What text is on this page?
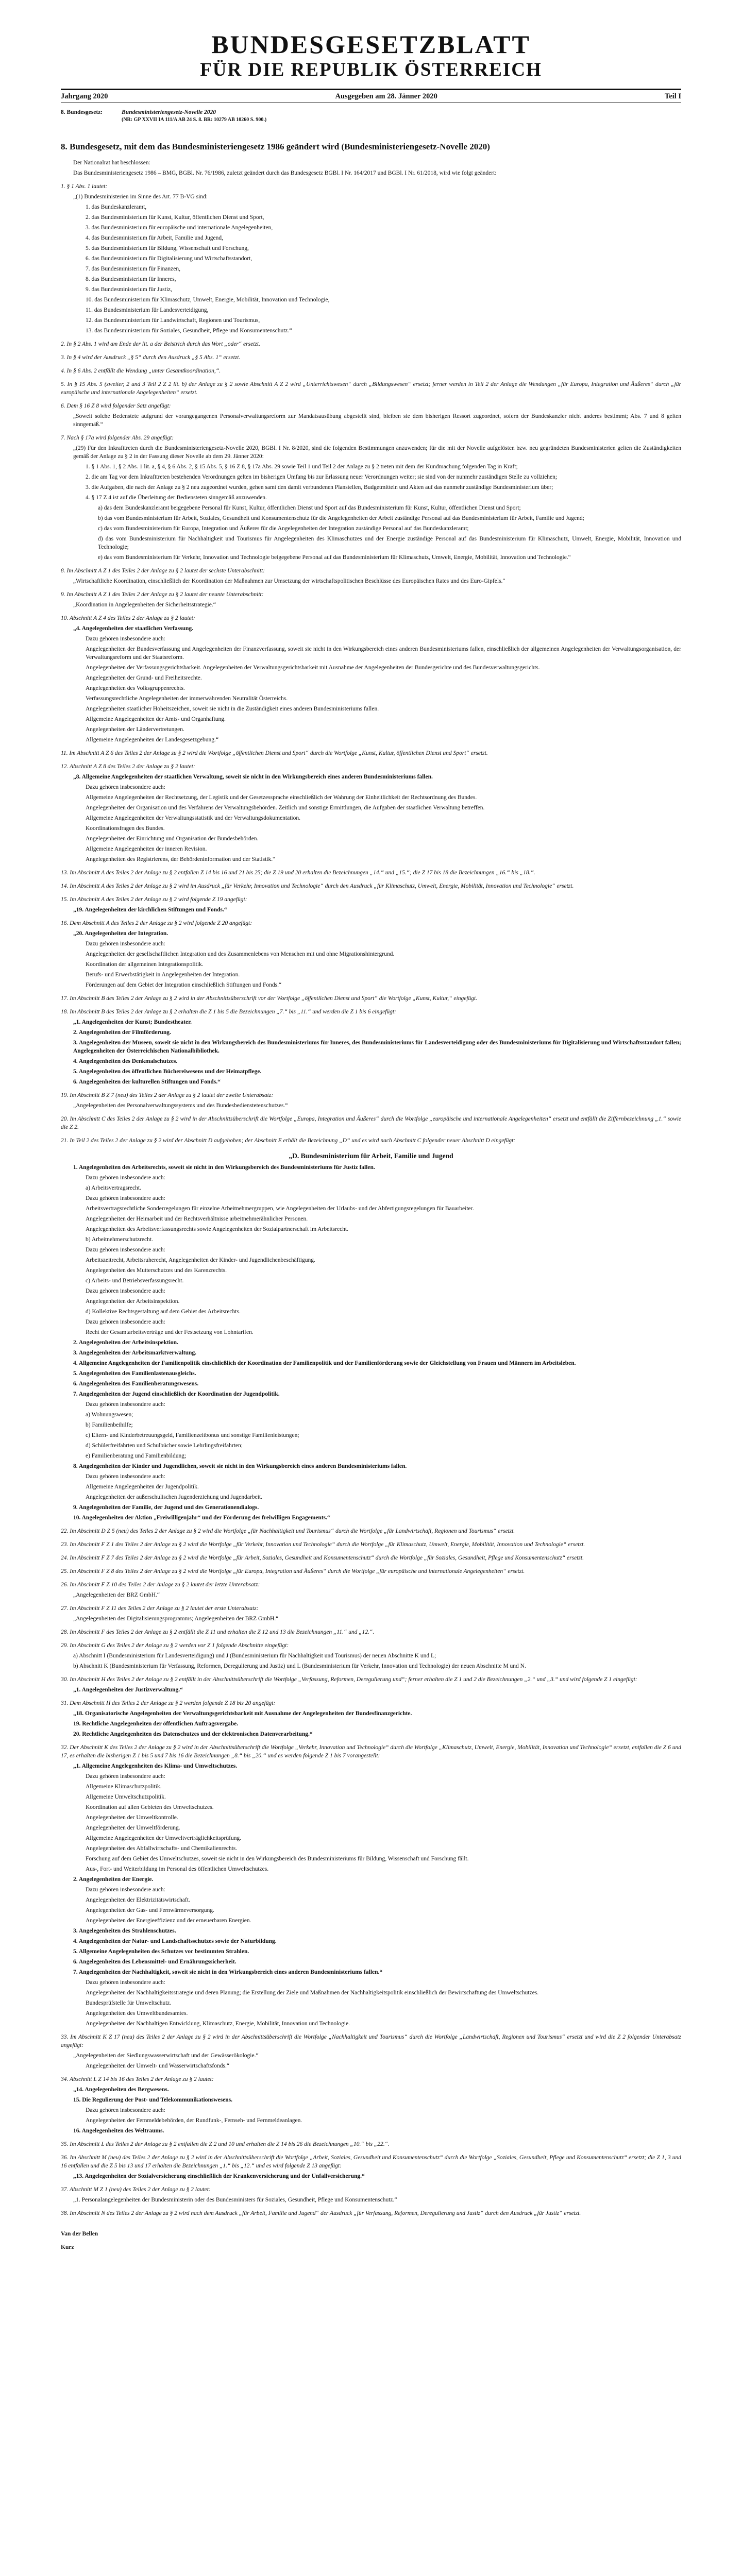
BUNDESGESETZBLATT
FÜR DIE REPUBLIK ÖSTERREICH
Jahrgang 2020	Ausgegeben am 28. Jänner 2020	Teil I
8. Bundesgesetz:	Bundesministeriengesetz-Novelle 2020
(NR: GP XXVII IA 111/A AB 24 S. 8. BR: 10279 AB 10260 S. 900.)
8. Bundesgesetz, mit dem das Bundesministeriengesetz 1986 geändert wird (Bundesministeriengesetz-Novelle 2020)

Der Nationalrat hat beschlossen:

Das Bundesministeriengesetz 1986 – BMG, BGBl. Nr. 76/1986, zuletzt geändert durch das Bundesgesetz BGBl. I Nr. 164/2017 und BGBl. I Nr. 61/2018, wird wie folgt geändert:

1. § 1 Abs. 1 lautet:

„(1) Bundesministerien im Sinne des Art. 77 B-VG sind:

1. das Bundeskanzleramt,

2. das Bundesministerium für Kunst, Kultur, öffentlichen Dienst und Sport,

3. das Bundesministerium für europäische und internationale Angelegenheiten,

4. das Bundesministerium für Arbeit, Familie und Jugend,

5. das Bundesministerium für Bildung, Wissenschaft und Forschung,

6. das Bundesministerium für Digitalisierung und Wirtschaftsstandort,

7. das Bundesministerium für Finanzen,

8. das Bundesministerium für Inneres,

9. das Bundesministerium für Justiz,

10. das Bundesministerium für Klimaschutz, Umwelt, Energie, Mobilität, Innovation und Technologie,

11. das Bundesministerium für Landesverteidigung,

12. das Bundesministerium für Landwirtschaft, Regionen und Tourismus,

13. das Bundesministerium für Soziales, Gesundheit, Pflege und Konsumentenschutz.“

2. In § 2 Abs. 1 wird am Ende der lit. a der Beistrich durch das Wort „oder“ ersetzt.

3. In § 4 wird der Ausdruck „§ 5“ durch den Ausdruck „§ 5 Abs. 1“ ersetzt.

4. In § 6 Abs. 2 entfällt die Wendung „unter Gesamtkoordination,“.

5. In § 15 Abs. 5 (zweiter, 2 und 3 Teil 2 Z 2 lit. b) der Anlage zu § 2 sowie Abschnitt A Z 2 wird „Unterrichtswesen“ durch „Bildungswesen“ ersetzt; ferner werden in Teil 2 der Anlage die Wendungen „für Europa, Integration und Äußeres“ durch „für europäische und internationale Angelegenheiten“ ersetzt.

6. Dem § 16 Z 8 wird folgender Satz angefügt:

„Soweit solche Bedenstete aufgrund der vorangegangenen Personalverwaltungsreform zur Mandatsausübung abgestellt sind, bleiben sie dem bisherigen Ressort zugeordnet, sofern der Bundeskanzler nicht anderes bestimmt; Abs. 7 und 8 gelten sinngemäß.“

7. Nach § 17a wird folgender Abs. 29 angefügt:

„(29) Für den Inkrafttreten durch die Bundesministeriengesetz-Novelle 2020, BGBl. I Nr. 8/2020, sind die folgenden Bestimmungen anzuwenden; für die mit der Novelle aufgelösten bzw. neu gegründeten Bundesministerien gelten die Zuständigkeiten gemäß der Anlage zu § 2 in der Fassung dieser Novelle ab dem 29. Jänner 2020:

1. § 1 Abs. 1, § 2 Abs. 1 lit. a, § 4, § 6 Abs. 2, § 15 Abs. 5, § 16 Z 8, § 17a Abs. 29 sowie Teil 1 und Teil 2 der Anlage zu § 2 treten mit dem der Kundmachung folgenden Tag in Kraft;

2. die am Tag vor dem Inkrafttreten bestehenden Verordnungen gelten im bisherigen Umfang bis zur Erlassung neuer Verordnungen weiter; sie sind von der nunmehr zuständigen Stelle zu vollziehen;

3. die Aufgaben, die nach der Anlage zu § 2 neu zugeordnet wurden, gehen samt den damit verbundenen Planstellen, Budgetmitteln und Akten auf das nunmehr zuständige Bundesministerium über;

4. § 17 Z 4 ist auf die Überleitung der Bediensteten sinngemäß anzuwenden.

a) das dem Bundeskanzleramt beigegebene Personal für Kunst, Kultur, öffentlichen Dienst und Sport auf das Bundesministerium für Kunst, Kultur, öffentlichen Dienst und Sport;

b) das vom Bundesministerium für Arbeit, Soziales, Gesundheit und Konsumentenschutz für die Angelegenheiten der Arbeit zuständige Personal auf das Bundesministerium für Arbeit, Familie und Jugend;

c) das vom Bundesministerium für Europa, Integration und Äußeres für die Angelegenheiten der Integration zuständige Personal auf das Bundeskanzleramt;

d) das vom Bundesministerium für Nachhaltigkeit und Tourismus für Angelegenheiten des Klimaschutzes und der Energie zuständige Personal auf das Bundesministerium für Klimaschutz, Umwelt, Energie, Mobilität, Innovation und Technologie;

e) das vom Bundesministerium für Verkehr, Innovation und Technologie beigegebene Personal auf das Bundesministerium für Klimaschutz, Umwelt, Energie, Mobilität, Innovation und Technologie.“

8. Im Abschnitt A Z 1 des Teiles 2 der Anlage zu § 2 lautet der sechste Unterabschnitt:

„Wirtschaftliche Koordination, einschließlich der Koordination der Maßnahmen zur Umsetzung der wirtschaftspolitischen Beschlüsse des Europäischen Rates und des Euro-Gipfels.“

9. Im Abschnitt A Z 1 des Teiles 2 der Anlage zu § 2 lautet der neunte Unterabschnitt:

„Koordination in Angelegenheiten der Sicherheitsstrategie.“

10. Abschnitt A Z 4 des Teiles 2 der Anlage zu § 2 lautet:

„4. Angelegenheiten der staatlichen Verfassung.

Dazu gehören insbesondere auch:

Angelegenheiten der Bundesverfassung und Angelegenheiten der Finanzverfassung, soweit sie nicht in den Wirkungsbereich eines anderen Bundesministeriums fallen, einschließlich der allgemeinen Angelegenheiten der Verwaltungsorganisation, der Verwaltungsreform und der Staatsreform.

Angelegenheiten der Verfassungsgerichtsbarkeit. Angelegenheiten der Verwaltungsgerichtsbarkeit mit Ausnahme der Angelegenheiten der Bundesgerichte und des Bundesverwaltungsgerichts.

Angelegenheiten der Grund- und Freiheitsrechte.

Angelegenheiten des Volksgruppenrechts.

Verfassungsrechtliche Angelegenheiten der immerwährenden Neutralität Österreichs.

Angelegenheiten staatlicher Hoheitszeichen, soweit sie nicht in die Zuständigkeit eines anderen Bundesministeriums fallen.

Allgemeine Angelegenheiten der Amts- und Organhaftung.

Angelegenheiten der Ländervertretungen.

Allgemeine Angelegenheiten der Landesgesetzgebung.“

11. Im Abschnitt A Z 6 des Teiles 2 der Anlage zu § 2 wird die Wortfolge „öffentlichen Dienst und Sport“ durch die Wortfolge „Kunst, Kultur, öffentlichen Dienst und Sport“ ersetzt.

12. Abschnitt A Z 8 des Teiles 2 der Anlage zu § 2 lautet:

„8. Allgemeine Angelegenheiten der staatlichen Verwaltung, soweit sie nicht in den Wirkungsbereich eines anderen Bundesministeriums fallen.

Dazu gehören insbesondere auch:

Allgemeine Angelegenheiten der Rechtsetzung, der Legistik und der Gesetzessprache einschließlich der Wahrung der Einheitlichkeit der Rechtsordnung des Bundes.

Angelegenheiten der Organisation und des Verfahrens der Verwaltungsbehörden. Zeitlich und sonstige Ermittlungen, die Aufgaben der staatlichen Verwaltung betreffen.

Allgemeine Angelegenheiten der Verwaltungsstatistik und der Verwaltungsdokumentation.

Koordinationsfragen des Bundes.

Angelegenheiten der Einrichtung und Organisation der Bundesbehörden.

Allgemeine Angelegenheiten der inneren Revision.

Angelegenheiten des Registrierens, der Behördeninformation und der Statistik.“

13. Im Abschnitt A des Teiles 2 der Anlage zu § 2 entfallen Z 14 bis 16 und 21 bis 25; die Z 19 und 20 erhalten die Bezeichnungen „14.“ und „15.“; die Z 17 bis 18 die Bezeichnungen „16.“ bis „18.“.

14. Im Abschnitt A des Teiles 2 der Anlage zu § 2 wird im Ausdruck „für Verkehr, Innovation und Technologie“ durch den Ausdruck „für Klimaschutz, Umwelt, Energie, Mobilität, Innovation und Technologie“ ersetzt.

15. Im Abschnitt A des Teiles 2 der Anlage zu § 2 wird folgende Z 19 angefügt:

„19. Angelegenheiten der kirchlichen Stiftungen und Fonds.“

16. Dem Abschnitt A des Teiles 2 der Anlage zu § 2 wird folgende Z 20 angefügt:

„20. Angelegenheiten der Integration.

Dazu gehören insbesondere auch:

Angelegenheiten der gesellschaftlichen Integration und des Zusammenlebens von Menschen mit und ohne Migrationshintergrund.

Koordination der allgemeinen Integrationspolitik.

Berufs- und Erwerbstätigkeit in Angelegenheiten der Integration.

Förderungen auf dem Gebiet der Integration einschließlich Stiftungen und Fonds.“

17. Im Abschnitt B des Teiles 2 der Anlage zu § 2 wird in der Abschnittsüberschrift vor der Wortfolge „öffentlichen Dienst und Sport“ die Wortfolge „Kunst, Kultur,“ eingefügt.

18. Im Abschnitt B des Teiles 2 der Anlage zu § 2 erhalten die Z 1 bis 5 die Bezeichnungen „7.“ bis „11.“ und werden die Z 1 bis 6 eingefügt:

„1. Angelegenheiten der Kunst; Bundestheater.

2. Angelegenheiten der Filmförderung.

3. Angelegenheiten der Museen, soweit sie nicht in den Wirkungsbereich des Bundesministeriums für Inneres, des Bundesministeriums für Landesverteidigung oder des Bundesministeriums für Digitalisierung und Wirtschaftsstandort fallen; Angelegenheiten der Österreichischen Nationalbibliothek.

4. Angelegenheiten des Denkmalschutzes.

5. Angelegenheiten des öffentlichen Büchereiwesens und der Heimatpflege.

6. Angelegenheiten der kulturellen Stiftungen und Fonds.“

19. Im Abschnitt B Z 7 (neu) des Teiles 2 der Anlage zu § 2 lautet der zweite Unterabsatz:

„Angelegenheiten des Personalverwaltungssystems und des Bundesbedienstetenschutzes.“

20. Im Abschnitt C des Teiles 2 der Anlage zu § 2 wird in der Abschnittsüberschrift die Wortfolge „Europa, Integration und Äußeres“ durch die Wortfolge „europäische und internationale Angelegenheiten“ ersetzt und entfällt die Ziffernbezeichnung „1.“ sowie die Z 2.

21. In Teil 2 des Teiles 2 der Anlage zu § 2 wird der Abschnitt D aufgehoben; der Abschnitt E erhält die Bezeichnung „D“ und es wird nach Abschnitt C folgender neuer Abschnitt D eingefügt:

„D. Bundesministerium für Arbeit, Familie und Jugend

1. Angelegenheiten des Arbeitsrechts, soweit sie nicht in den Wirkungsbereich des Bundesministeriums für Justiz fallen.

Dazu gehören insbesondere auch:

a) Arbeitsvertragsrecht.

Dazu gehören insbesondere auch:

Arbeitsvertragsrechtliche Sonderregelungen für einzelne Arbeitnehmergruppen, wie Angelegenheiten der Urlaubs- und der Abfertigungsregelungen für Bauarbeiter.

Angelegenheiten der Heimarbeit und der Rechtsverhältnisse arbeitnehmerähnlicher Personen.

Angelegenheiten des Arbeitsverfassungsrechts sowie Angelegenheiten der Sozialpartnerschaft im Arbeitsrecht.

b) Arbeitnehmerschutzrecht.

Dazu gehören insbesondere auch:

Arbeitszeitrecht, Arbeitsruherecht, Angelegenheiten der Kinder- und Jugendlichenbeschäftigung.

Angelegenheiten des Mutterschutzes und des Karenzrechts.

c) Arbeits- und Betriebsverfassungsrecht.

Dazu gehören insbesondere auch:

Angelegenheiten der Arbeitsinspektion.

d) Kollektive Rechtsgestaltung auf dem Gebiet des Arbeitsrechts.

Dazu gehören insbesondere auch:

Recht der Gesamtarbeitsverträge und der Festsetzung von Lohntarifen.

2. Angelegenheiten der Arbeitsinspektion.

3. Angelegenheiten der Arbeitsmarktverwaltung.

4. Allgemeine Angelegenheiten der Familienpolitik einschließlich der Koordination der Familienpolitik und der Familienförderung sowie der Gleichstellung von Frauen und Männern im Arbeitsleben.

5. Angelegenheiten des Familienlastenausgleichs.

6. Angelegenheiten des Familienberatungswesens.

7. Angelegenheiten der Jugend einschließlich der Koordination der Jugendpolitik.

Dazu gehören insbesondere auch:

a) Wohnungswesen;

b) Familienbeihilfe;

c) Eltern- und Kinderbetreuungsgeld, Familienzeitbonus und sonstige Familienleistungen;

d) Schülerfreifahrten und Schulbücher sowie Lehrlingsfreifahrten;

e) Familienberatung und Familienbildung;

8. Angelegenheiten der Kinder und Jugendlichen, soweit sie nicht in den Wirkungsbereich eines anderen Bundesministeriums fallen.

Dazu gehören insbesondere auch:

Allgemeine Angelegenheiten der Jugendpolitik.

Angelegenheiten der außerschulischen Jugenderziehung und Jugendarbeit.

9. Angelegenheiten der Familie, der Jugend und des Generationendialogs.

10. Angelegenheiten der Aktion „Freiwilligenjahr“ und der Förderung des freiwilligen Engagements.“

22. Im Abschnitt D Z 5 (neu) des Teiles 2 der Anlage zu § 2 wird die Wortfolge „für Nachhaltigkeit und Tourismus“ durch die Wortfolge „für Landwirtschaft, Regionen und Tourismus“ ersetzt.

23. Im Abschnitt F Z 1 des Teiles 2 der Anlage zu § 2 wird die Wortfolge „für Verkehr, Innovation und Technologie“ durch die Wortfolge „für Klimaschutz, Umwelt, Energie, Mobilität, Innovation und Technologie“ ersetzt.

24. Im Abschnitt F Z 7 des Teiles 2 der Anlage zu § 2 wird die Wortfolge „für Arbeit, Soziales, Gesundheit und Konsumentenschutz“ durch die Wortfolge „für Soziales, Gesundheit, Pflege und Konsumentenschutz“ ersetzt.

25. Im Abschnitt F Z 8 des Teiles 2 der Anlage zu § 2 wird die Wortfolge „für Europa, Integration und Äußeres“ durch die Wortfolge „für europäische und internationale Angelegenheiten“ ersetzt.

26. Im Abschnitt F Z 10 des Teiles 2 der Anlage zu § 2 lautet der letzte Unterabsatz:

„Angelegenheiten der BRZ GmbH.“

27. Im Abschnitt F Z 11 des Teiles 2 der Anlage zu § 2 lautet der erste Unterabsatz:

„Angelegenheiten des Digitalisierungsprogramms; Angelegenheiten der BRZ GmbH.“

28. Im Abschnitt F des Teiles 2 der Anlage zu § 2 entfällt die Z 11 und erhalten die Z 12 und 13 die Bezeichnungen „11.“ und „12.“.

29. Im Abschnitt G des Teiles 2 der Anlage zu § 2 werden vor Z 1 folgende Abschnitte eingefügt:

a) Abschnitt I (Bundesministerium für Landesverteidigung) und J (Bundesministerium für Nachhaltigkeit und Tourismus) der neuen Abschnitte K und L;

b) Abschnitt K (Bundesministerium für Verfassung, Reformen, Deregulierung und Justiz) und L (Bundesministerium für Verkehr, Innovation und Technologie) der neuen Abschnitte M und N.

30. Im Abschnitt H des Teiles 2 der Anlage zu § 2 entfällt in der Abschnittsüberschrift die Wortfolge „Verfassung, Reformen, Deregulierung und“; ferner erhalten die Z 1 und 2 die Bezeichnungen „2.“ und „3.“ und wird folgende Z 1 eingefügt:

„1. Angelegenheiten der Justizverwaltung.“

31. Dem Abschnitt H des Teiles 2 der Anlage zu § 2 werden folgende Z 18 bis 20 angefügt:

„18. Organisatorische Angelegenheiten der Verwaltungsgerichtsbarkeit mit Ausnahme der Angelegenheiten der Bundesfinanzgerichte.

19. Rechtliche Angelegenheiten der öffentlichen Auftragsvergabe.

20. Rechtliche Angelegenheiten des Datenschutzes und der elektronischen Datenverarbeitung.“

32. Der Abschnitt K des Teiles 2 der Anlage zu § 2 wird in der Abschnittsüberschrift die Wortfolge „Verkehr, Innovation und Technologie“ durch die Wortfolge „Klimaschutz, Umwelt, Energie, Mobilität, Innovation und Technologie“ ersetzt, entfallen die Z 6 und 17, es erhalten die bisherigen Z 1 bis 5 und 7 bis 16 die Bezeichnungen „8.“ bis „20.“ und es werden folgende Z 1 bis 7 vorangestellt:

„1. Allgemeine Angelegenheiten des Klima- und Umweltschutzes.

Dazu gehören insbesondere auch:

Allgemeine Klimaschutzpolitik.

Allgemeine Umweltschutzpolitik.

Koordination auf allen Gebieten des Umweltschutzes.

Angelegenheiten der Umweltkontrolle.

Angelegenheiten der Umweltförderung.

Allgemeine Angelegenheiten der Umweltverträglichkeitsprüfung.

Angelegenheiten des Abfallwirtschafts- und Chemikalienrechts.

Forschung auf dem Gebiet des Umweltschutzes, soweit sie nicht in den Wirkungsbereich des Bundesministeriums für Bildung, Wissenschaft und Forschung fällt.

Aus-, Fort- und Weiterbildung im Personal des öffentlichen Umweltschutzes.

2. Angelegenheiten der Energie.

Dazu gehören insbesondere auch:

Angelegenheiten der Elektrizitätswirtschaft.

Angelegenheiten der Gas- und Fernwärmeversorgung.

Angelegenheiten der Energieeffizienz und der erneuerbaren Energien.

3. Angelegenheiten des Strahlenschutzes.

4. Angelegenheiten der Natur- und Landschaftsschutzes sowie der Naturbildung.

5. Allgemeine Angelegenheiten des Schutzes vor bestimmten Strahlen.

6. Angelegenheiten des Lebensmittel- und Ernährungssicherheit.

7. Angelegenheiten der Nachhaltigkeit, soweit sie nicht in den Wirkungsbereich eines anderen Bundesministeriums fallen.“

Dazu gehören insbesondere auch:

Angelegenheiten der Nachhaltigkeitsstrategie und deren Planung; die Erstellung der Ziele und Maßnahmen der Nachhaltigkeitspolitik einschließlich der Bewirtschaftung des Umweltschutzes.

Bundesprüfstelle für Umweltschutz.

Angelegenheiten des Umweltbundesamtes.

Angelegenheiten der Nachhaltigen Entwicklung, Klimaschutz, Energie, Mobilität, Innovation und Technologie.

33. Im Abschnitt K Z 17 (neu) des Teiles 2 der Anlage zu § 2 wird in der Abschnittsüberschrift die Wortfolge „Nachhaltigkeit und Tourismus“ durch die Wortfolge „Landwirtschaft, Regionen und Tourismus“ ersetzt und wird die Z 2 folgender Unterabsatz angefügt:

„Angelegenheiten der Siedlungswasserwirtschaft und der Gewässerökologie.“

Angelegenheiten der Umwelt- und Wasserwirtschaftsfonds.“

34. Abschnitt L Z 14 bis 16 des Teiles 2 der Anlage zu § 2 lautet:

„14. Angelegenheiten des Bergwesens.

15. Die Regulierung der Post- und Telekommunikationswesens.

Dazu gehören insbesondere auch:

Angelegenheiten der Fernmeldebehörden, der Rundfunk-, Fernseh- und Fernmeldeanlagen.

16. Angelegenheiten des Weltraums.

35. Im Abschnitt L des Teiles 2 der Anlage zu § 2 entfallen die Z 2 und 10 und erhalten die Z 14 bis 26 die Bezeichnungen „10.“ bis „22.“.

36. Im Abschnitt M (neu) des Teiles 2 der Anlage zu § 2 wird in der Abschnittsüberschrift die Wortfolge „Arbeit, Soziales, Gesundheit und Konsumentenschutz“ durch die Wortfolge „Soziales, Gesundheit, Pflege und Konsumentenschutz“ ersetzt; die Z 1, 3 und 16 entfallen und die Z 5 bis 13 und 17 erhalten die Bezeichnungen „1.“ bis „12.“ und es wird folgende Z 13 angefügt:

„13. Angelegenheiten der Sozialversicherung einschließlich der Krankenversicherung und der Unfallversicherung.“

37. Abschnitt M Z 1 (neu) des Teiles 2 der Anlage zu § 2 lautet:

„1. Personalangelegenheiten der Bundesministerin oder des Bundesministers für Soziales, Gesundheit, Pflege und Konsumentenschutz.“

38. Im Abschnitt N des Teiles 2 der Anlage zu § 2 wird nach dem Ausdruck „für Arbeit, Familie und Jugend“ der Ausdruck „für Verfassung, Reformen, Deregulierung und Justiz“ durch den Ausdruck „für Justiz“ ersetzt.

Van der Bellen
Kurz
